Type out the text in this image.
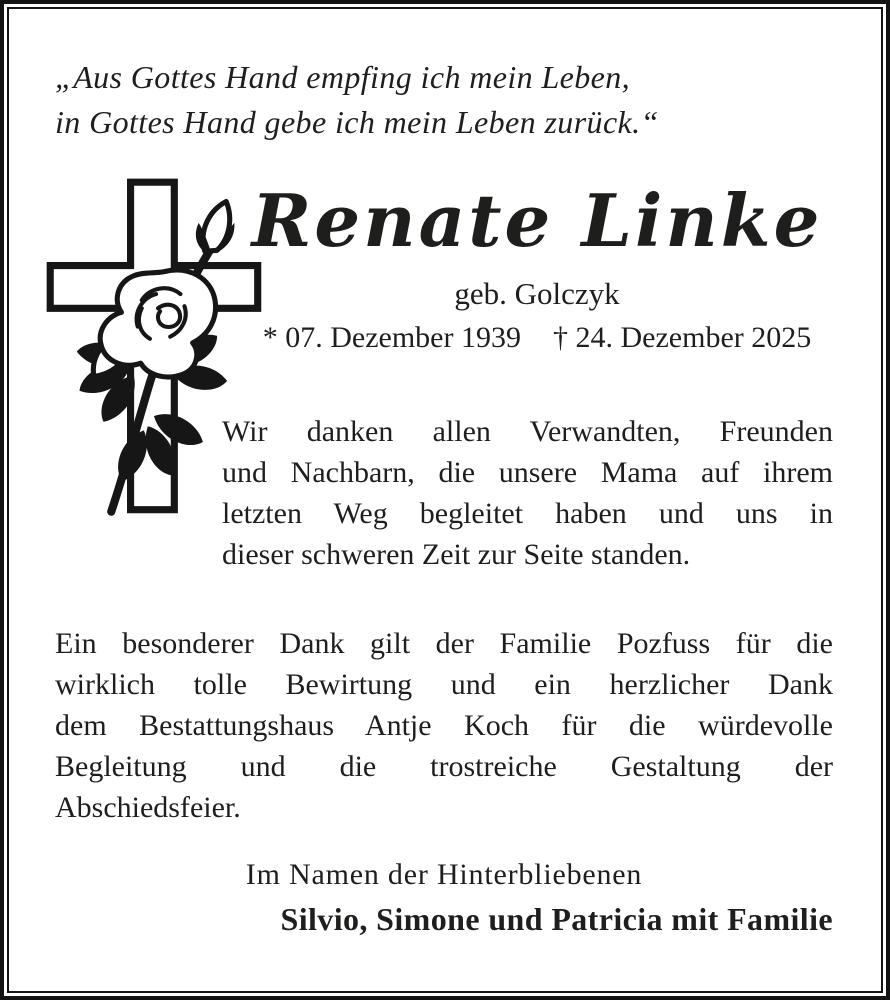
„Aus Gottes Hand empfing ich mein Leben,
in Gottes Hand gebe ich mein Leben zurück.“
Renate Linke
geb. Golczyk
* 07. Dezember 1939 † 24. Dezember 2025
Wir danken allen Verwandten, Freunden
und Nachbarn, die unsere Mama auf ihrem
letzten Weg begleitet haben und uns in
dieser schweren Zeit zur Seite standen.
Ein besonderer Dank gilt der Familie Pozfuss für die
wirklich tolle Bewirtung und ein herzlicher Dank
dem Bestattungshaus Antje Koch für die würdevolle
Begleitung und die trostreiche Gestaltung der
Abschiedsfeier.
Im Namen der Hinterbliebenen
Silvio, Simone und Patricia mit Familie
